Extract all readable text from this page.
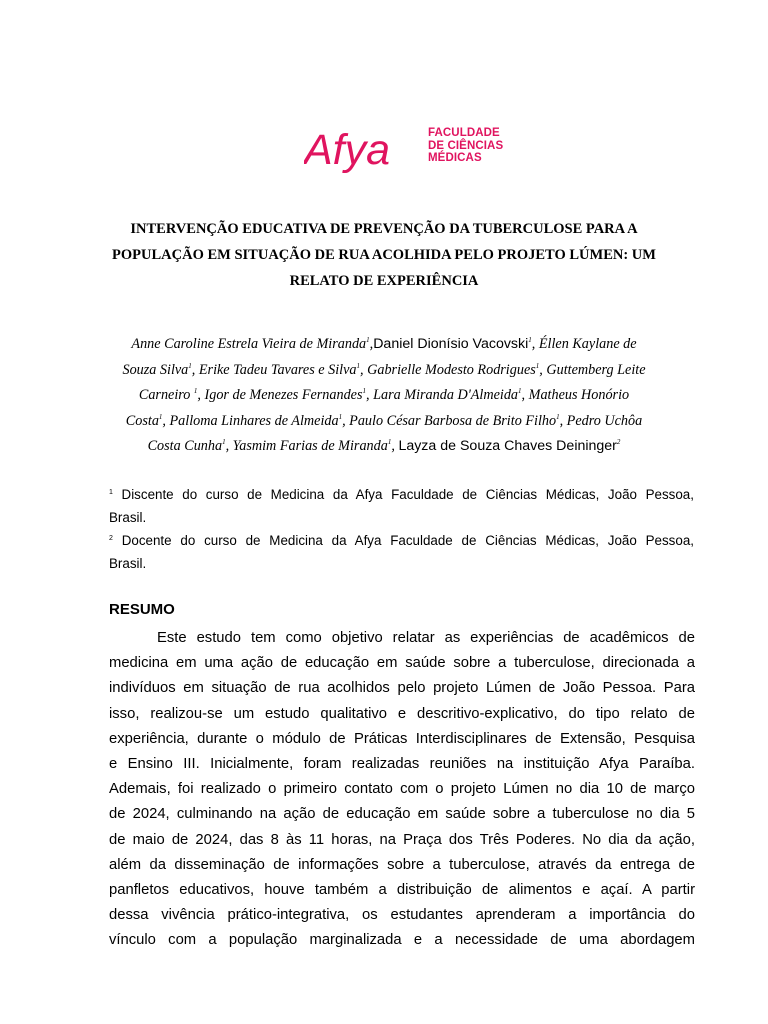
Afya	FACULDADE
DE CIÊNCIAS
MÉDICAS
INTERVENÇÃO EDUCATIVA DE PREVENÇÃO DA TUBERCULOSE PARA A
POPULAÇÃO EM SITUAÇÃO DE RUA ACOLHIDA PELO PROJETO LÚMEN: UM
RELATO DE EXPERIÊNCIA
Anne Caroline Estrela Vieira de Miranda$^1$,Daniel Dionísio Vacovski$^1$, Éllen Kaylane de
Souza Silva$^1$, Erike Tadeu Tavares e Silva$^1$, Gabrielle Modesto Rodrigues$^1$, Guttemberg Leite
Carneiro $^1$, Igor de Menezes Fernandes$^1$, Lara Miranda D'Almeida$^1$, Matheus Honório
Costa$^1$, Palloma Linhares de Almeida$^1$, Paulo César Barbosa de Brito Filho$^1$, Pedro Uchôa
Costa Cunha$^1$, Yasmim Farias de Miranda$^1$, Layza de Souza Chaves Deininger$^2$
$^1$ Discente do curso de Medicina da Afya Faculdade de Ciências Médicas, João Pessoa,
Brasil.
$^2$ Docente do curso de Medicina da Afya Faculdade de Ciências Médicas, João Pessoa,
Brasil.
RESUMO
Este estudo tem como objetivo relatar as experiências de acadêmicos de
medicina em uma ação de educação em saúde sobre a tuberculose, direcionada a
indivíduos em situação de rua acolhidos pelo projeto Lúmen de João Pessoa. Para
isso, realizou-se um estudo qualitativo e descritivo-explicativo, do tipo relato de
experiência, durante o módulo de Práticas Interdisciplinares de Extensão, Pesquisa
e Ensino III. Inicialmente, foram realizadas reuniões na instituição Afya Paraíba.
Ademais, foi realizado o primeiro contato com o projeto Lúmen no dia 10 de março
de 2024, culminando na ação de educação em saúde sobre a tuberculose no dia 5
de maio de 2024, das 8 às 11 horas, na Praça dos Três Poderes. No dia da ação,
além da disseminação de informações sobre a tuberculose, através da entrega de
panfletos educativos, houve também a distribuição de alimentos e açaí. A partir
dessa vivência prático-integrativa, os estudantes aprenderam a importância do
vínculo com a população marginalizada e a necessidade de uma abordagem
